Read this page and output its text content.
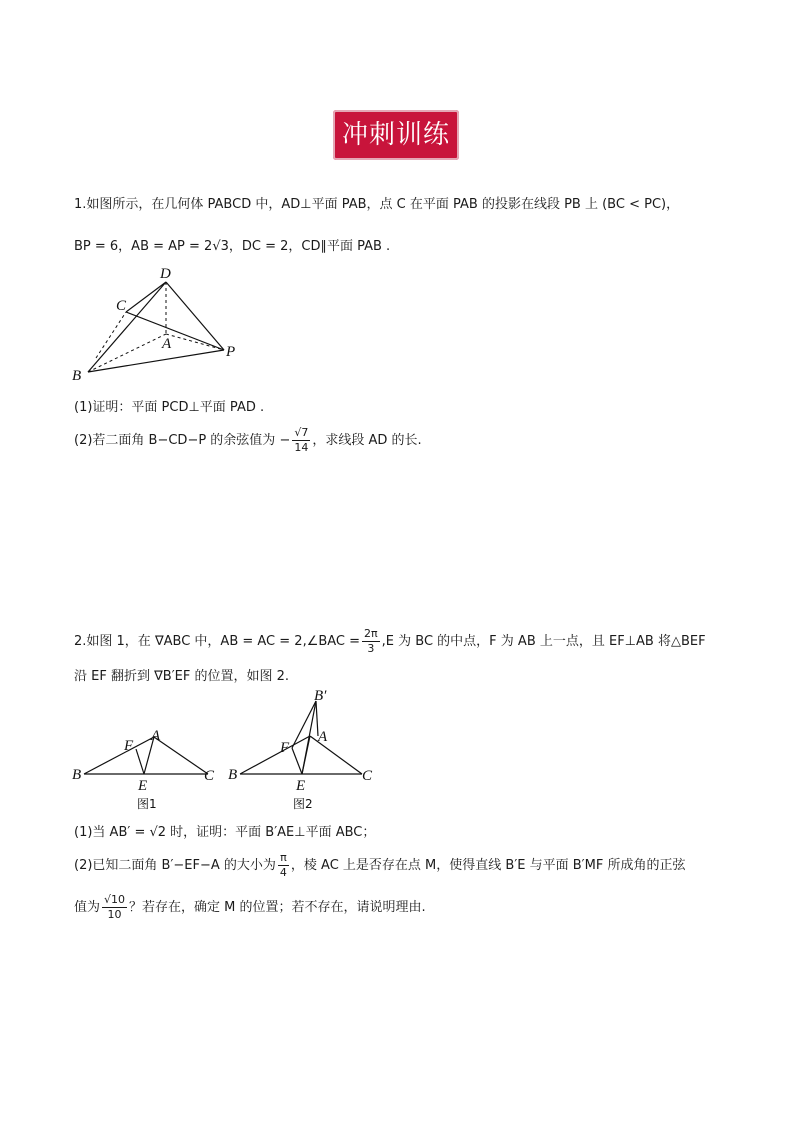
冲刺训练
1.如图所示，在几何体 PABCD 中，AD⊥平面 PAB，点 C 在平面 PAB 的投影在线段 PB 上 (BC < PC)，
BP = 6，AB = AP = 2√3，DC = 2，CD∥平面 PAB .
D
C
A	P
B
(1)证明：平面 PCD⊥平面 PAD .
(2)若二面角 B−CD−P 的余弦值为 − $\frac{√7}{14}$ ，求线段 AD 的长.
2.如图 1，在 ∇ABC 中，AB = AC = 2,∠BAC = $\frac{2\pi}{3} ,E$ 为 BC 的中点，F 为 AB 上一点，且 EF⊥AB 将△BEF
沿 EF 翻折到 ∇B′EF 的位置，如图 2.
B
F
A
E
C
图1
B′
F
A
E
B	C
图2
(1)当 AB′ = √2 时，证明：平面 B′AE⊥平面 ABC；
(2)已知二面角 B′−EF−A 的大小为 $\frac{\pi}{4}$ ，棱 AC 上是否存在点 M，使得直线 B′E 与平面 B′MF 所成角的正弦
值为 $\frac{√10}{10}$ ？若存在，确定 M 的位置；若不存在，请说明理由.
